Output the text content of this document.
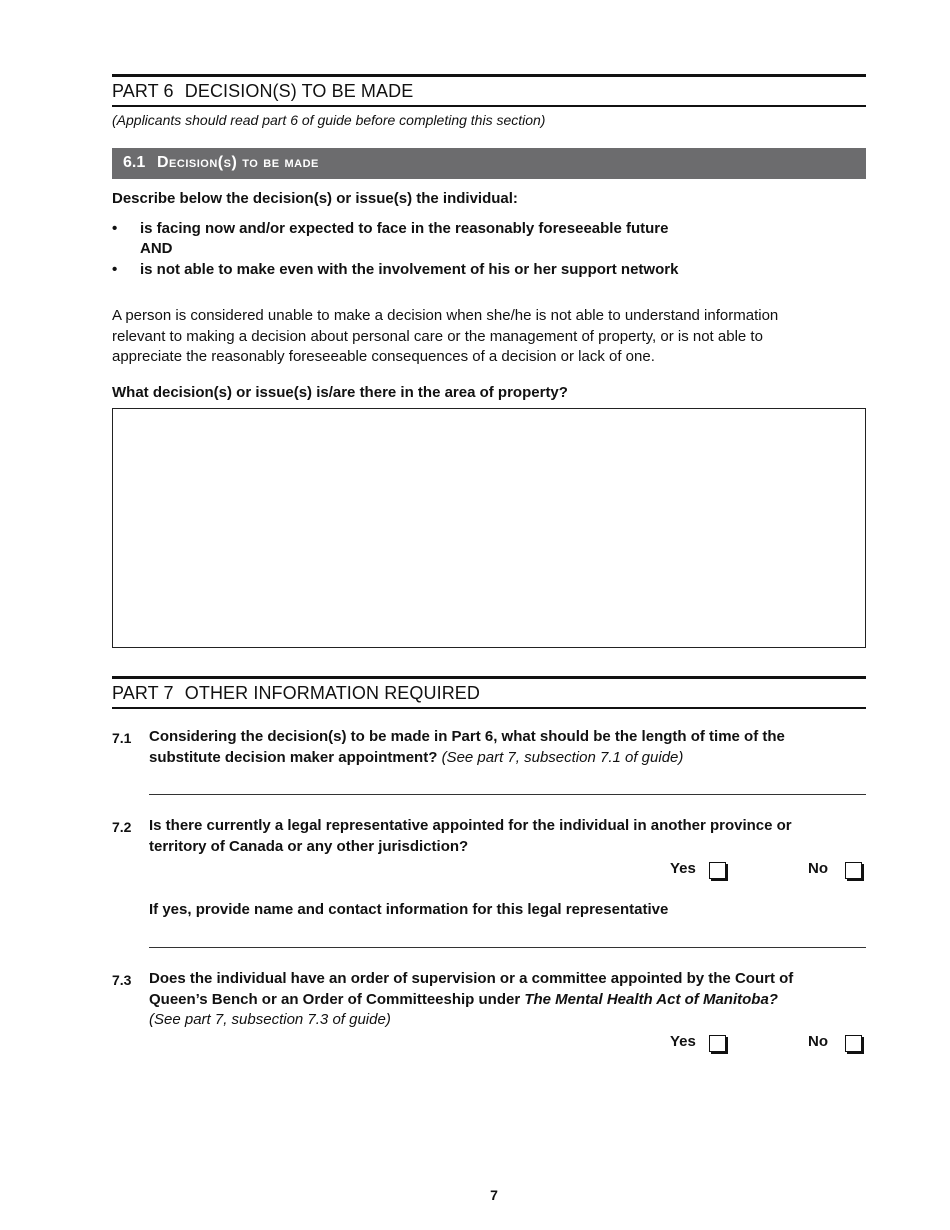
PART 6 DECISION(S) TO BE MADE
(Applicants should read part 6 of guide before completing this section)
6.1 Decision(s) to be made
Describe below the decision(s) or issue(s) the individual:
•	is facing now and/or expected to face in the reasonably foreseeable future
AND
•	is not able to make even with the involvement of his or her support network
A person is considered unable to make a decision when she/he is not able to understand information
relevant to making a decision about personal care or the management of property, or is not able to
appreciate the reasonably foreseeable consequences of a decision or lack of one.
What decision(s) or issue(s) is/are there in the area of property?
PART 7 OTHER INFORMATION REQUIRED
7.1 Considering the decision(s) to be made in Part 6, what should be the length of time of the
substitute decision maker appointment? (See part 7, subsection 7.1 of guide)
7.2 Is there currently a legal representative appointed for the individual in another province or
territory of Canada or any other jurisdiction?
Yes	No
If yes, provide name and contact information for this legal representative
7.3 Does the individual have an order of supervision or a committee appointed by the Court of
Queen’s Bench or an Order of Committeeship under The Mental Health Act of Manitoba?
(See part 7, subsection 7.3 of guide)
Yes	No
7
